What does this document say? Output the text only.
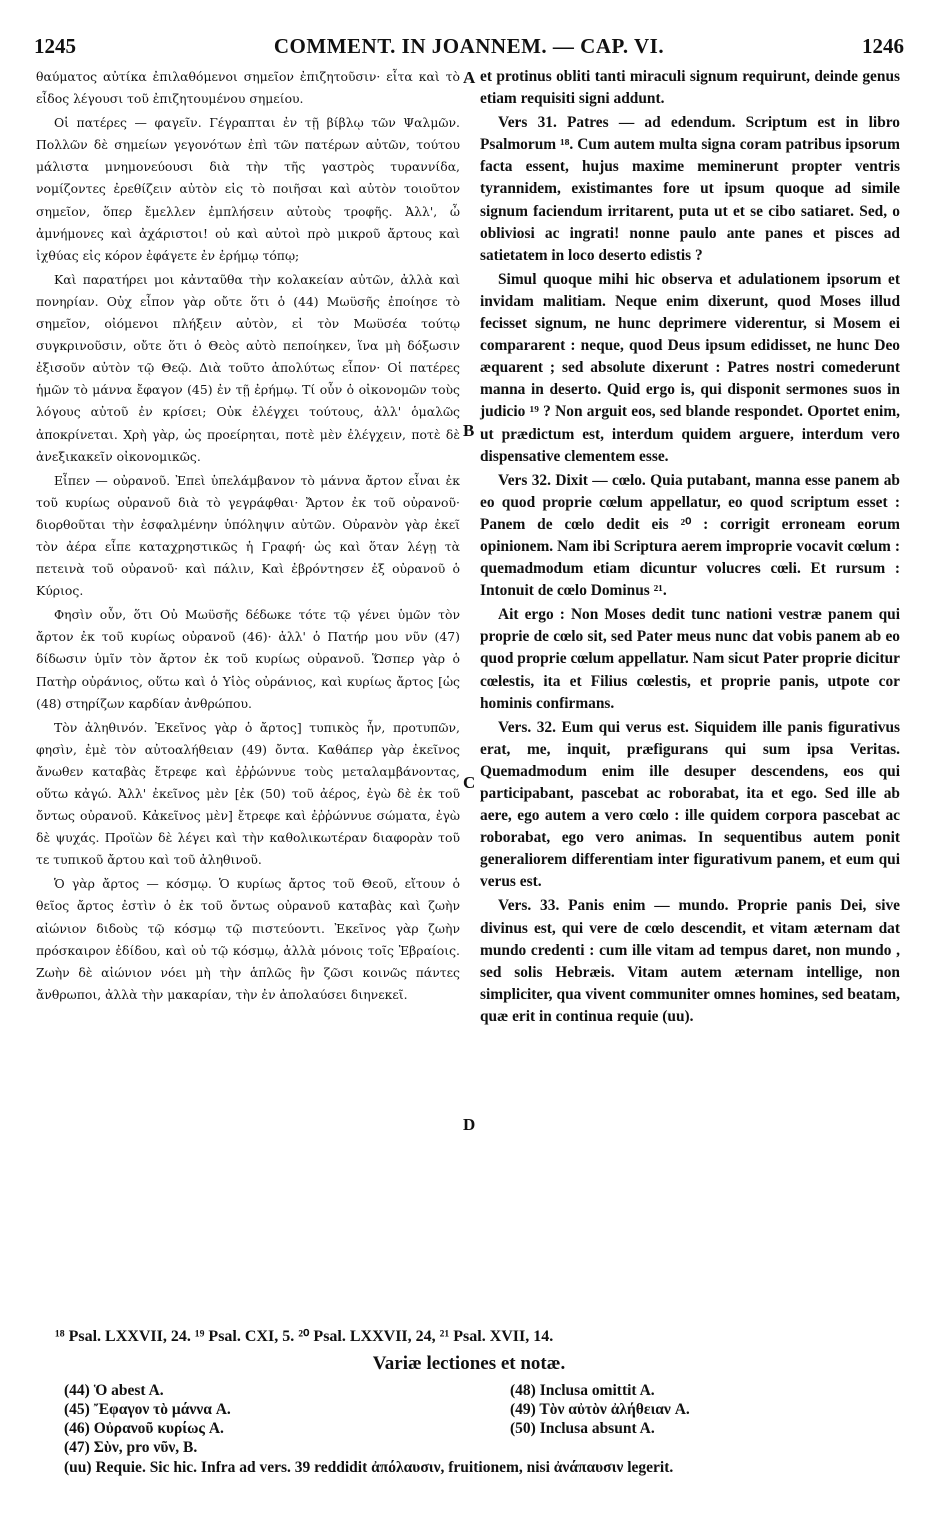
1245	COMMENT. IN JOANNEM. — CAP. VI.	1246

θαύματος αὐτίκα ἐπιλαθόμενοι σημεῖον ἐπιζητοῦσιν· εἶτα καὶ τὸ εἶδος λέγουσι τοῦ ἐπιζητουμένου σημείου.

Οἱ πατέρες — φαγεῖν. Γέγραπται ἐν τῇ βίβλῳ τῶν Ψαλμῶν. Πολλῶν δὲ σημείων γεγονότων ἐπὶ τῶν πατέρων αὐτῶν, τούτου μάλιστα μνημονεύουσι διὰ τὴν τῆς γαστρὸς τυραννίδα, νομίζοντες ἐρεθίζειν αὐτὸν εἰς τὸ ποιῆσαι καὶ αὐτὸν τοιοῦτον σημεῖον, ὅπερ ἔμελλεν ἐμπλήσειν αὐτοὺς τροφῆς. Ἀλλ', ὦ ἀμνήμονες καὶ ἀχάριστοι! οὐ καὶ αὐτοὶ πρὸ μικροῦ ἄρτους καὶ ἰχθύας εἰς κόρον ἐφάγετε ἐν ἐρήμῳ τόπῳ;

Καὶ παρατήρει μοι κἀνταῦθα τὴν κολακείαν αὐτῶν, ἀλλὰ καὶ πονηρίαν. Οὐχ εἶπον γὰρ οὔτε ὅτι ὁ (44) Μωϋσῆς ἐποίησε τὸ σημεῖον, οἰόμενοι πλήξειν αὐτὸν, εἰ τὸν Μωϋσέα τούτῳ συγκρινοῦσιν, οὔτε ὅτι ὁ Θεὸς αὐτὸ πεποίηκεν, ἵνα μὴ δόξωσιν ἐξισοῦν αὐτὸν τῷ Θεῷ. Διὰ τοῦτο ἀπολύτως εἶπον· Οἱ πατέρες ἡμῶν τὸ μάννα ἔφαγον (45) ἐν τῇ ἐρήμῳ. Τί οὖν ὁ οἰκονομῶν τοὺς λόγους αὐτοῦ ἐν κρίσει; Οὐκ ἐλέγχει τούτους, ἀλλ' ὁμαλῶς ἀποκρίνεται. Χρὴ γὰρ, ὡς προείρηται, ποτὲ μὲν ἐλέγχειν, ποτὲ δὲ ἀνεξικακεῖν οἰκονομικῶς.

Εἶπεν — οὐρανοῦ. Ἐπεὶ ὑπελάμβανον τὸ μάννα ἄρτον εἶναι ἐκ τοῦ κυρίως οὐρανοῦ διὰ τὸ γεγράφθαι· Ἄρτον ἐκ τοῦ οὐρανοῦ· διορθοῦται τὴν ἐσφαλμένην ὑπόληψιν αὐτῶν. Οὐρανὸν γὰρ ἐκεῖ τὸν ἀέρα εἶπε καταχρηστικῶς ἡ Γραφή· ὡς καὶ ὅταν λέγῃ τὰ πετεινὰ τοῦ οὐρανοῦ· καὶ πάλιν, Καὶ ἐβρόντησεν ἐξ οὐρανοῦ ὁ Κύριος.

Φησὶν οὖν, ὅτι Οὐ Μωϋσῆς δέδωκε τότε τῷ γένει ὑμῶν τὸν ἄρτον ἐκ τοῦ κυρίως οὐρανοῦ (46)· ἀλλ' ὁ Πατήρ μου νῦν (47) δίδωσιν ὑμῖν τὸν ἄρτον ἐκ τοῦ κυρίως οὐρανοῦ. Ὥσπερ γὰρ ὁ Πατὴρ οὐράνιος, οὕτω καὶ ὁ Υἱὸς οὐράνιος, καὶ κυρίως ἄρτος [ὡς (48) στηρίζων καρδίαν ἀνθρώπου.

Τὸν ἀληθινόν. Ἐκεῖνος γὰρ ὁ ἄρτος] τυπικὸς ἦν, προτυπῶν, φησὶν, ἐμὲ τὸν αὐτοαλήθειαν (49) ὄντα. Καθάπερ γὰρ ἐκεῖνος ἄνωθεν καταβὰς ἔτρεφε καὶ ἐῤῥώννυε τοὺς μεταλαμβάνοντας, οὕτω κἀγώ. Ἀλλ' ἐκεῖνος μὲν [ἐκ (50) τοῦ ἀέρος, ἐγὼ δὲ ἐκ τοῦ ὄντως οὐρανοῦ. Κἀκεῖνος μὲν] ἔτρεφε καὶ ἐῤῥώννυε σώματα, ἐγὼ δὲ ψυχάς. Προϊὼν δὲ λέγει καὶ τὴν καθολικωτέραν διαφορὰν τοῦ τε τυπικοῦ ἄρτου καὶ τοῦ ἀληθινοῦ.

Ὁ γὰρ ἄρτος — κόσμῳ. Ὁ κυρίως ἄρτος τοῦ Θεοῦ, εἴτουν ὁ θεῖος ἄρτος ἐστὶν ὁ ἐκ τοῦ ὄντως οὐρανοῦ καταβὰς καὶ ζωὴν αἰώνιον διδοὺς τῷ κόσμῳ τῷ πιστεύοντι. Ἐκεῖνος γὰρ ζωὴν πρόσκαιρον ἐδίδου, καὶ οὐ τῷ κόσμῳ, ἀλλὰ μόνοις τοῖς Ἑβραίοις. Ζωὴν δὲ αἰώνιον νόει μὴ τὴν ἁπλῶς ἣν ζῶσι κοινῶς πάντες ἄνθρωποι, ἀλλὰ τὴν μακαρίαν, τὴν ἐν ἀπολαύσει διηνεκεῖ.

A
B
C
D

et protinus obliti tanti miraculi signum requirunt, deinde genus etiam requisiti signi addunt.

Vers 31. Patres — ad edendum. Scriptum est in libro Psalmorum ¹⁸. Cum autem multa signa coram patribus ipsorum facta essent, hujus maxime meminerunt propter ventris tyrannidem, existimantes fore ut ipsum quoque ad simile signum faciendum irritarent, puta ut et se cibo satiaret. Sed, o obliviosi ac ingrati! nonne paulo ante panes et pisces ad satietatem in loco deserto edistis ?

Simul quoque mihi hic observa et adulationem ipsorum et invidam malitiam. Neque enim dixerunt, quod Moses illud fecisset signum, ne hunc deprimere viderentur, si Mosem ei compararent : neque, quod Deus ipsum edidisset, ne hunc Deo æquarent ; sed absolute dixerunt : Patres nostri comederunt manna in deserto. Quid ergo is, qui disponit sermones suos in judicio ¹⁹ ? Non arguit eos, sed blande respondet. Oportet enim, ut prædictum est, interdum quidem arguere, interdum vero dispensative clementem esse.

Vers 32. Dixit — cœlo. Quia putabant, manna esse panem ab eo quod proprie cœlum appellatur, eo quod scriptum esset : Panem de cœlo dedit eis ²⁰ : corrigit erroneam eorum opinionem. Nam ibi Scriptura aerem improprie vocavit cœlum : quemadmodum etiam dicuntur volucres cœli. Et rursum : Intonuit de cœlo Dominus ²¹.

Ait ergo : Non Moses dedit tunc nationi vestræ panem qui proprie de cœlo sit, sed Pater meus nunc dat vobis panem ab eo quod proprie cœlum appellatur. Nam sicut Pater proprie dicitur cœlestis, ita et Filius cœlestis, et proprie panis, utpote cor hominis confirmans.

Vers. 32. Eum qui verus est. Siquidem ille panis figurativus erat, me, inquit, præfigurans qui sum ipsa Veritas. Quemadmodum enim ille desuper descendens, eos qui participabant, pascebat ac roborabat, ita et ego. Sed ille ab aere, ego autem a vero cœlo : ille quidem corpora pascebat ac roborabat, ego vero animas. In sequentibus autem ponit generaliorem differentiam inter figurativum panem, et eum qui verus est.

Vers. 33. Panis enim — mundo. Proprie panis Dei, sive divinus est, qui vere de cœlo descendit, et vitam æternam dat mundo credenti : cum ille vitam ad tempus daret, non mundo , sed solis Hebræis. Vitam autem æternam intellige, non simpliciter, qua vivent communiter omnes homines, sed beatam, quæ erit in continua requie (uu).

¹⁸ Psal. LXXVII, 24. ¹⁹ Psal. CXI, 5. ²⁰ Psal. LXXVII, 24, ²¹ Psal. XVII, 14.
Variæ lectiones et notæ.
(44) Ὁ abest A.
(45) Ἔφαγον τὸ μάννα A.
(46) Οὐρανοῦ κυρίως A.
(47) Σὺν, pro νῦν, B.
(48) Inclusa omittit A.
(49) Τὸν αὐτὸν ἀλήθειαν A.
(50) Inclusa absunt A.
(uu) Requie. Sic hic. Infra ad vers. 39 reddidit ἀπόλαυσιν, fruitionem, nisi ἀνάπαυσιν legerit.
